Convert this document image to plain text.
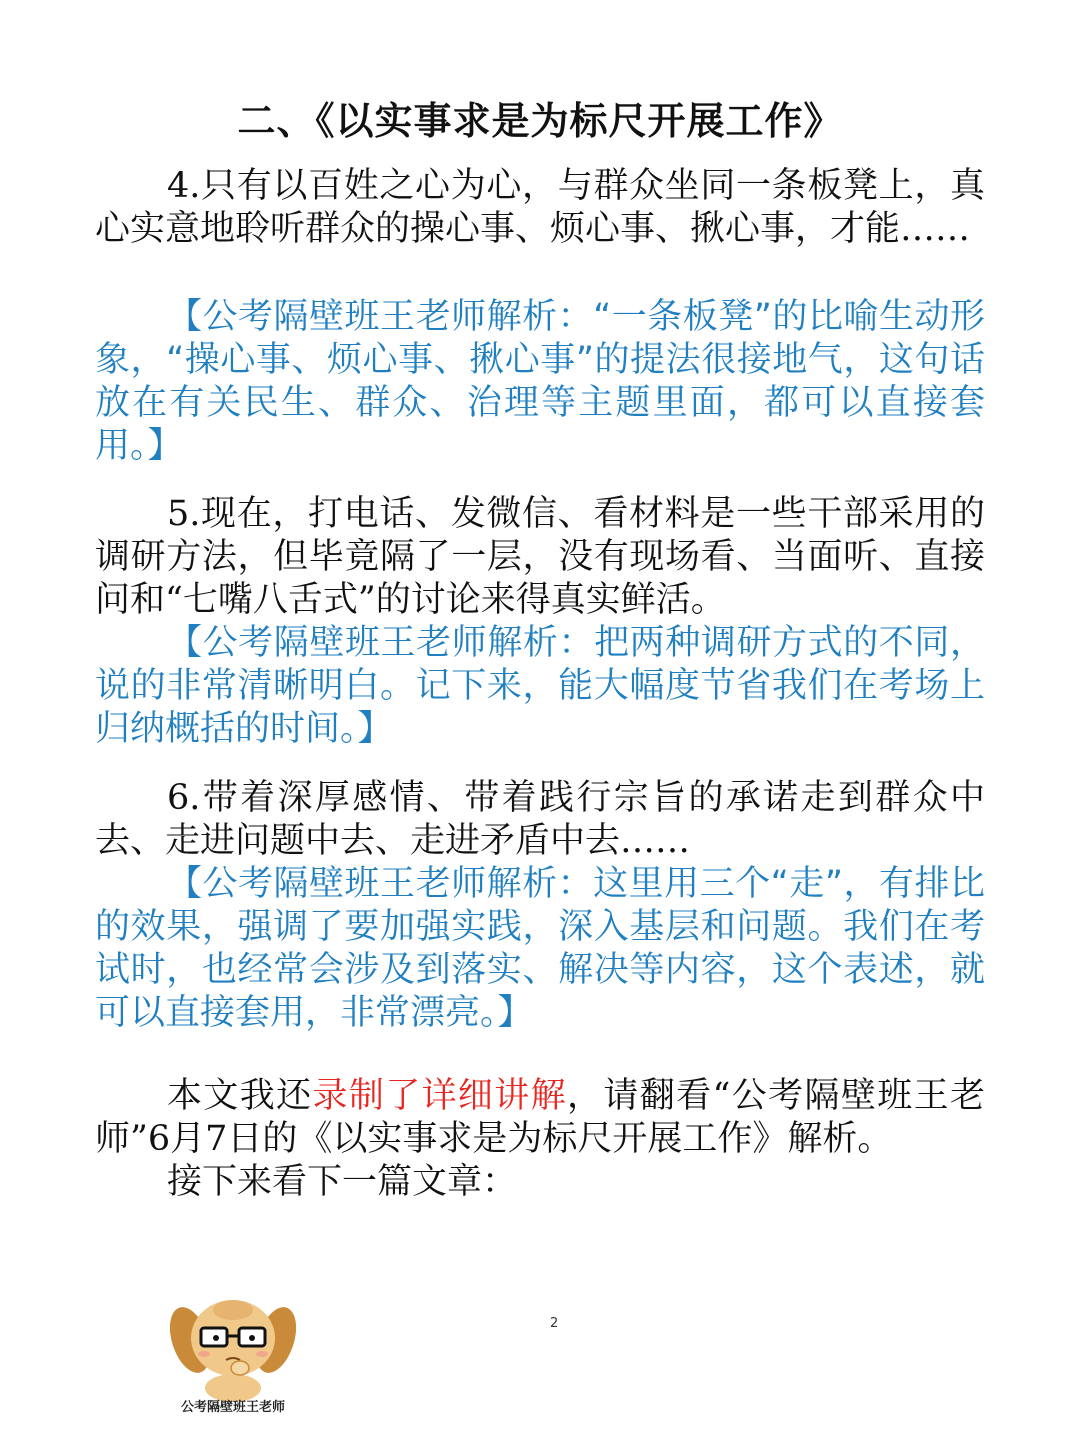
二、《以实事求是为标尺开展工作》

4.只有以百姓之心为心，与群众坐同一条板凳上，真心实意地聆听群众的操心事、烦心事、揪心事，才能……

【公考隔壁班王老师解析：“一条板凳”的比喻生动形象，“操心事、烦心事、揪心事”的提法很接地气，这句话放在有关民生、群众、治理等主题里面，都可以直接套用。】

5.现在，打电话、发微信、看材料是一些干部采用的调研方法，但毕竟隔了一层，没有现场看、当面听、直接问和“七嘴八舌式”的讨论来得真实鲜活。

【公考隔壁班王老师解析：把两种调研方式的不同，说的非常清晰明白。记下来，能大幅度节省我们在考场上归纳概括的时间。】

6.带着深厚感情、带着践行宗旨的承诺走到群众中去、走进问题中去、走进矛盾中去……

【公考隔壁班王老师解析：这里用三个“走”，有排比的效果，强调了要加强实践，深入基层和问题。我们在考试时，也经常会涉及到落实、解决等内容，这个表述，就可以直接套用，非常漂亮。】

本文我还录制了详细讲解，请翻看“公考隔壁班王老师”6月7日的《以实事求是为标尺开展工作》解析。

接下来看下一篇文章：

2
公考隔壁班王老师
